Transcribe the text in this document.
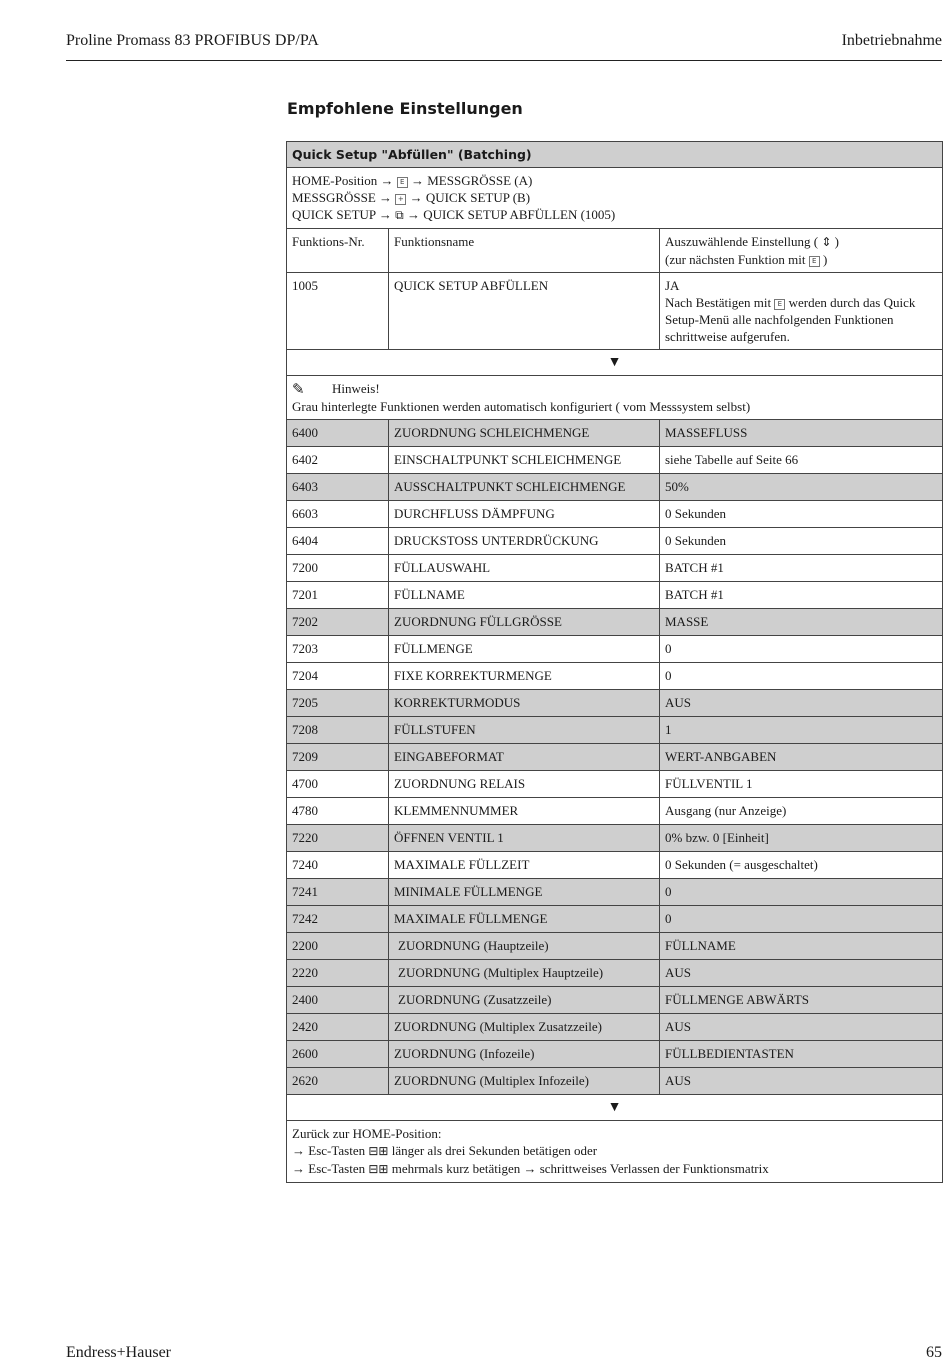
Proline Promass 83 PROFIBUS DP/PA	Inbetriebnahme
Empfohlene Einstellungen
Quick Setup "Abfüllen" (Batching)		

HOME-Position → E → MESSGRÖSSE (A)
MESSGRÖSSE → + → QUICK SETUP (B)
QUICK SETUP → ⧉ → QUICK SETUP ABFÜLLEN (1005)		

Funktions-Nr.	Funktionsname	Auszuwählende Einstellung ( ⇕ )
(zur nächsten Funktion mit E )

1005	QUICK SETUP ABFÜLLEN	JA
Nach Bestätigen mit E werden durch das Quick Setup-Menü alle nachfolgenden Funktionen schrittweise aufgerufen.

▼		

✎ Hinweis!
Grau hinterlegte Funktionen werden automatisch konfiguriert ( vom Messsystem selbst)		

6400	ZUORDNUNG SCHLEICHMENGE	MASSEFLUSS
6402	EINSCHALTPUNKT SCHLEICHMENGE	siehe Tabelle auf Seite 66
6403	AUSSCHALTPUNKT SCHLEICHMENGE	50%
6603	DURCHFLUSS DÄMPFUNG	0 Sekunden
6404	DRUCKSTOSS UNTERDRÜCKUNG	0 Sekunden
7200	FÜLLAUSWAHL	BATCH #1
7201	FÜLLNAME	BATCH #1
7202	ZUORDNUNG FÜLLGRÖSSE	MASSE
7203	FÜLLMENGE	0
7204	FIXE KORREKTURMENGE	0
7205	KORREKTURMODUS	AUS
7208	FÜLLSTUFEN	1
7209	EINGABEFORMAT	WERT-ANBGABEN
4700	ZUORDNUNG RELAIS	FÜLLVENTIL 1
4780	KLEMMENNUMMER	Ausgang (nur Anzeige)
7220	ÖFFNEN VENTIL 1	0% bzw. 0 [Einheit]
7240	MAXIMALE FÜLLZEIT	0 Sekunden (= ausgeschaltet)
7241	MINIMALE FÜLLMENGE	0
7242	MAXIMALE FÜLLMENGE	0
2200	ZUORDNUNG (Hauptzeile)	FÜLLNAME
2220	ZUORDNUNG (Multiplex Hauptzeile)	AUS
2400	ZUORDNUNG (Zusatzzeile)	FÜLLMENGE ABWÄRTS
2420	ZUORDNUNG (Multiplex Zusatzzeile)	AUS
2600	ZUORDNUNG (Infozeile)	FÜLLBEDIENTASTEN
2620	ZUORDNUNG (Multiplex Infozeile)	AUS
▼		

Zurück zur HOME-Position:
→ Esc-Tasten ⊟⊞ länger als drei Sekunden betätigen oder
→ Esc-Tasten ⊟⊞ mehrmals kurz betätigen → schrittweises Verlassen der Funktionsmatrix		
Endress+Hauser	65
